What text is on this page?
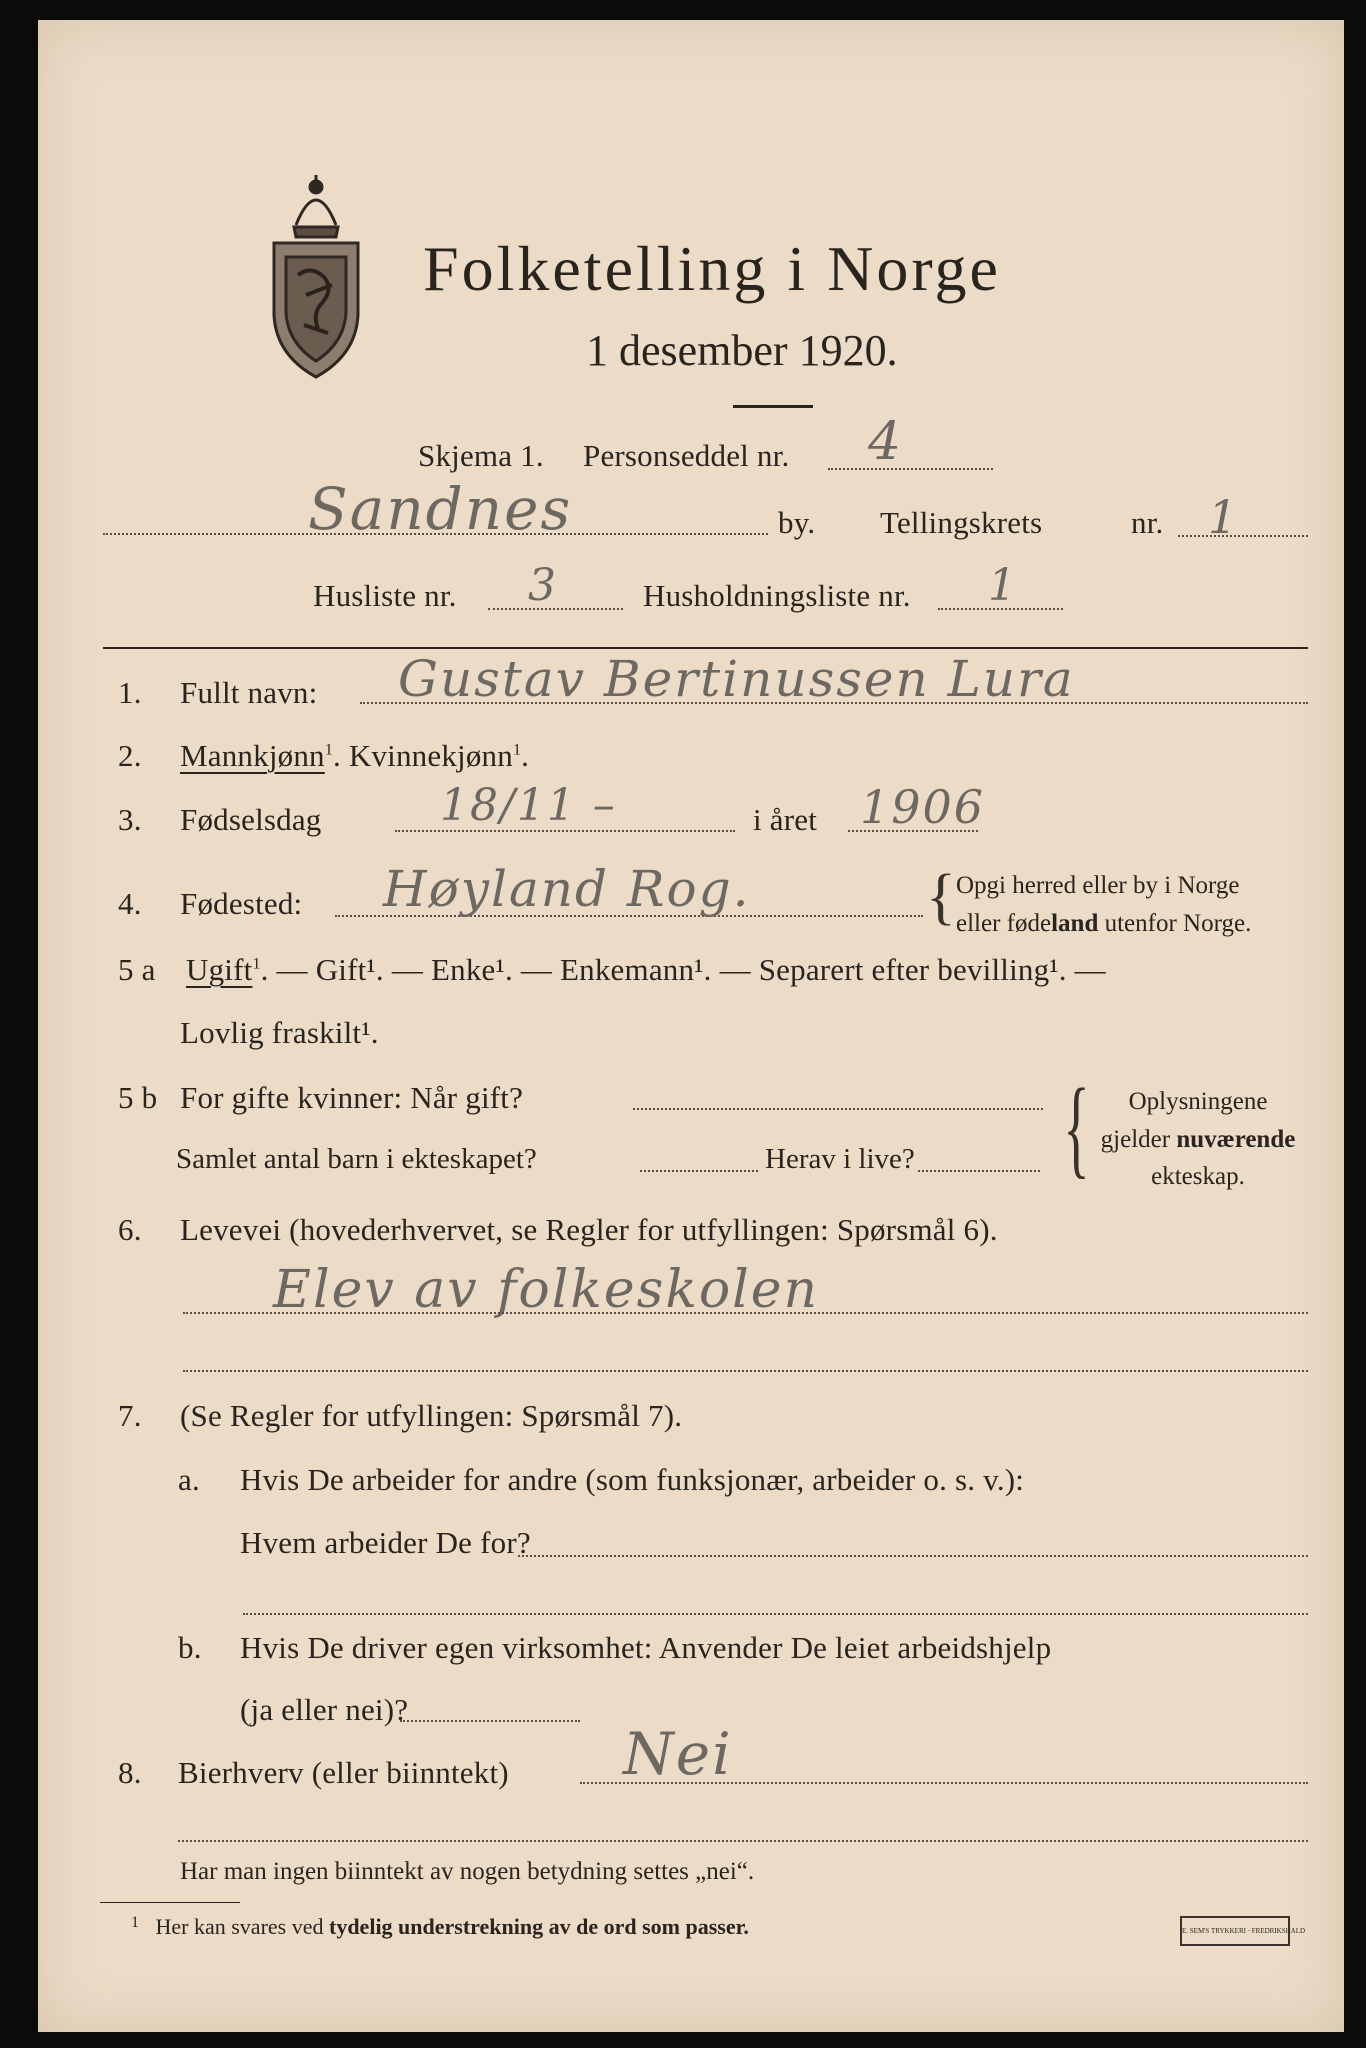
Folketelling i Norge
1 desember 1920.
Skjema 1. Personseddel nr. 4
Sandnes	by. Tellingskrets	nr. 1
Husliste nr. 3	Husholdningsliste nr. 1
1. Fullt navn: Gustav Bertinussen Lura
2. Mannkjønn$^1$. Kvinnekjønn$^1$.
3. Fødselsdag	18/11 –	i året 1906
4. Fødested: Høyland Rog.	{ Opgi herred eller by i Norge
eller fødeland utenfor Norge.
5 a Ugift$^1$. — Gift¹. — Enke¹. — Enkemann¹. — Separert efter bevilling¹. —
Lovlig fraskilt¹.
5 b For gifte kvinner: Når gift?
Samlet antal barn i ekteskapet?	Herav i live? {	Oplysningene
gjelder nuværende
ekteskap.
6. Levevei (hovederhvervet, se Regler for utfyllingen: Spørsmål 6).
Elev av folkeskolen
7. (Se Regler for utfyllingen: Spørsmål 7).
a. Hvis De arbeider for andre (som funksjonær, arbeider o. s. v.):
Hvem arbeider De for?
b. Hvis De driver egen virksomhet: Anvender De leiet arbeidshjelp
(ja eller nei)?
8. Bierhverv (eller biinntekt) Nei
Har man ingen biinntekt av nogen betydning settes „nei“.
$^1$ Her kan svares ved tydelig understrekning av de ord som passer.	E. SEM'S TRYKKERI · FREDRIKSHALD
